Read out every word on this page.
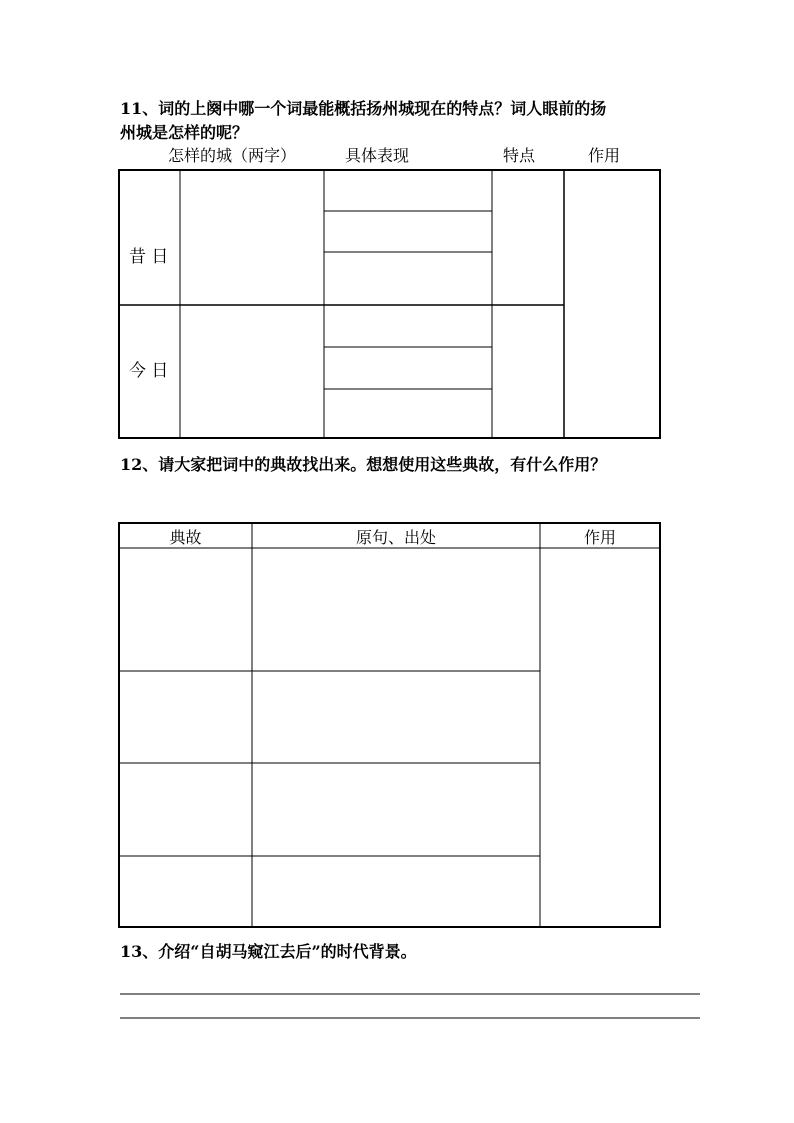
11、词的上阕中哪一个词最能概括扬州城现在的特点？词人眼前的扬
州城是怎样的呢？
怎样的城（两字）	具体表现	特点	作用
昔 日
今 日
12、请大家把词中的典故找出来。想想使用这些典故，有什么作用？
典故	原句、出处	作用
13、介绍“自胡马窥江去后”的时代背景。
